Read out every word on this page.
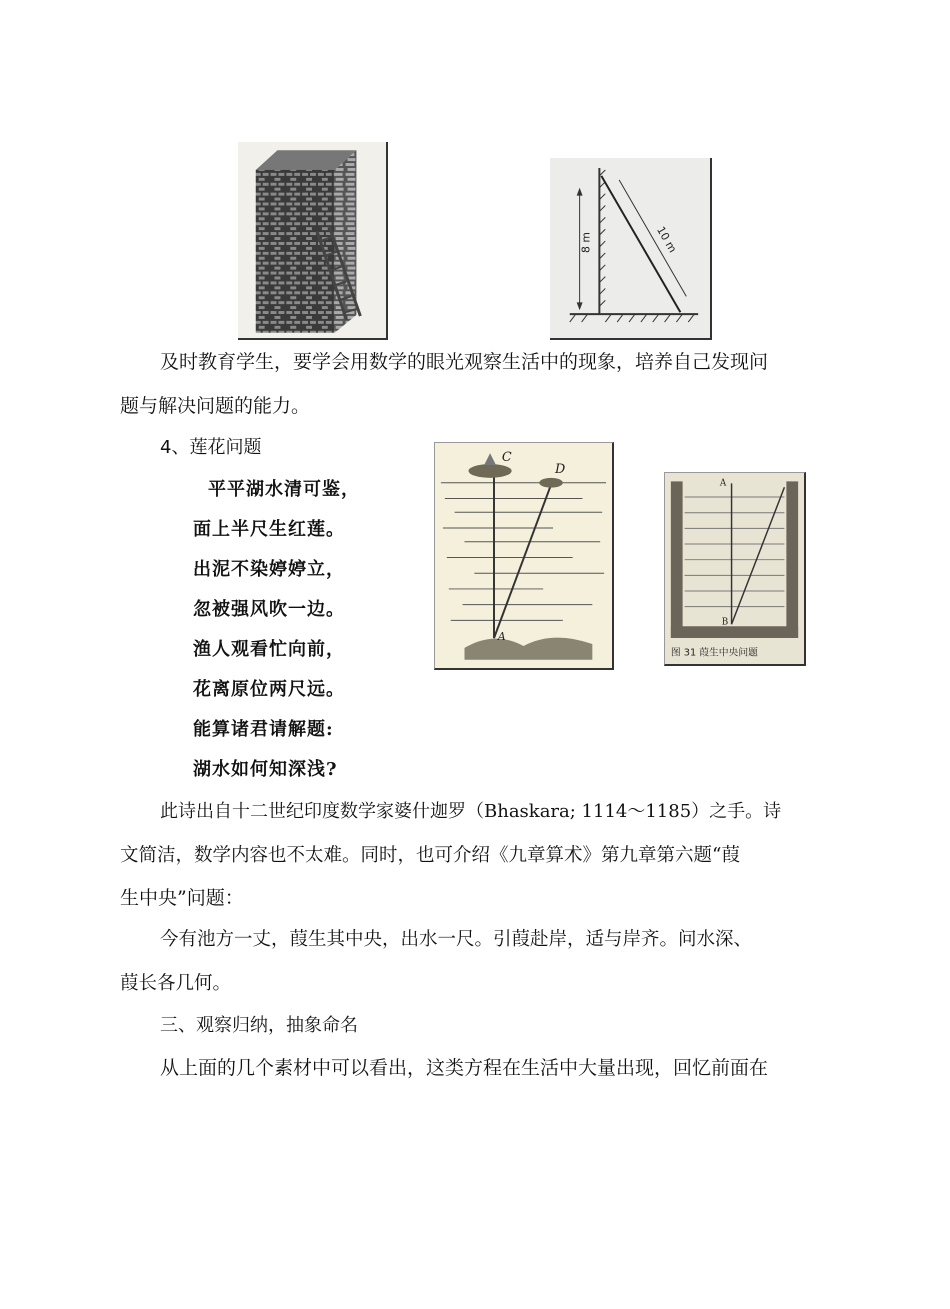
8 m	10 m
及时教育学生，要学会用数学的眼光观察生活中的现象，培养自己发现问
题与解决问题的能力。
4、莲花问题	C
D
A
A
B
图 31 葭生中央问题
平平湖水清可鉴，
面上半尺生红莲。
出泥不染婷婷立，
忽被强风吹一边。
渔人观看忙向前，
花离原位两尺远。
能算诸君请解题:
湖水如何知深浅?
此诗出自十二世纪印度数学家婆什迦罗（Bhaskara; 1114～1185）之手。诗
文简洁，数学内容也不太难。同时，也可介绍《九章算术》第九章第六题“葭
生中央”问题：
今有池方一丈，葭生其中央，出水一尺。引葭赴岸，适与岸齐。问水深、
葭长各几何。
三、观察归纳，抽象命名
从上面的几个素材中可以看出，这类方程在生活中大量出现，回忆前面在
